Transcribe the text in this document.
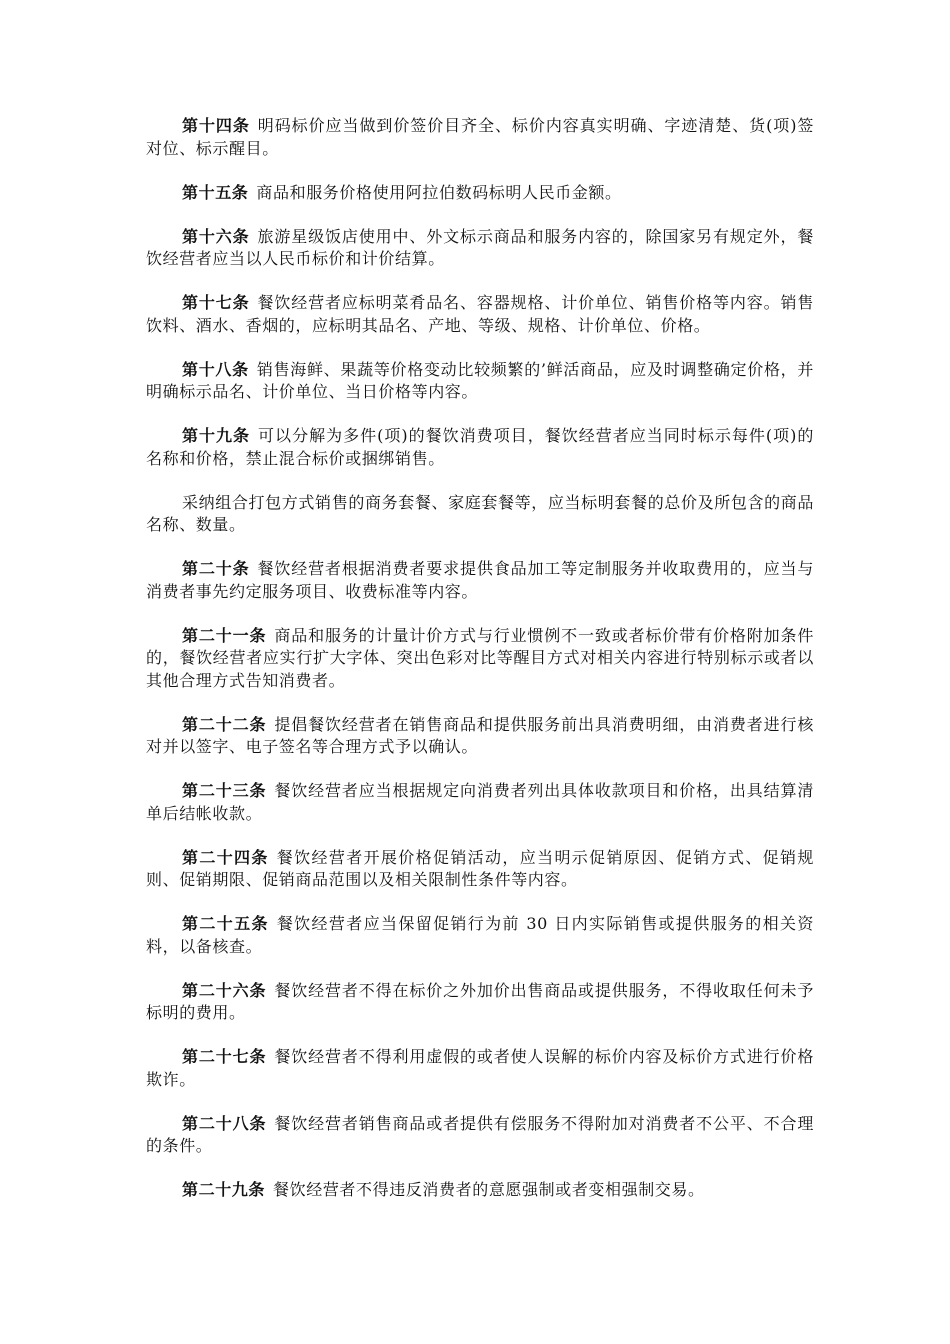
第十四条 明码标价应当做到价签价目齐全、标价内容真实明确、字迹清楚、货(项)签对位、标示醒目。

第十五条 商品和服务价格使用阿拉伯数码标明人民币金额。

第十六条 旅游星级饭店使用中、外文标示商品和服务内容的，除国家另有规定外，餐饮经营者应当以人民币标价和计价结算。

第十七条 餐饮经营者应标明菜肴品名、容器规格、计价单位、销售价格等内容。销售饮料、酒水、香烟的，应标明其品名、产地、等级、规格、计价单位、价格。

第十八条 销售海鲜、果蔬等价格变动比较频繁的’鲜活商品，应及时调整确定价格，并明确标示品名、计价单位、当日价格等内容。

第十九条 可以分解为多件(项)的餐饮消费项目，餐饮经营者应当同时标示每件(项)的名称和价格，禁止混合标价或捆绑销售。

采纳组合打包方式销售的商务套餐、家庭套餐等，应当标明套餐的总价及所包含的商品名称、数量。

第二十条 餐饮经营者根据消费者要求提供食品加工等定制服务并收取费用的，应当与消费者事先约定服务项目、收费标准等内容。

第二十一条 商品和服务的计量计价方式与行业惯例不一致或者标价带有价格附加条件的，餐饮经营者应实行扩大字体、突出色彩对比等醒目方式对相关内容进行特别标示或者以其他合理方式告知消费者。

第二十二条 提倡餐饮经营者在销售商品和提供服务前出具消费明细，由消费者进行核对并以签字、电子签名等合理方式予以确认。

第二十三条 餐饮经营者应当根据规定向消费者列出具体收款项目和价格，出具结算清单后结帐收款。

第二十四条 餐饮经营者开展价格促销活动，应当明示促销原因、促销方式、促销规则、促销期限、促销商品范围以及相关限制性条件等内容。

第二十五条 餐饮经营者应当保留促销行为前 30 日内实际销售或提供服务的相关资料，以备核查。

第二十六条 餐饮经营者不得在标价之外加价出售商品或提供服务，不得收取任何未予标明的费用。

第二十七条 餐饮经营者不得利用虚假的或者使人误解的标价内容及标价方式进行价格欺诈。

第二十八条 餐饮经营者销售商品或者提供有偿服务不得附加对消费者不公平、不合理的条件。

第二十九条 餐饮经营者不得违反消费者的意愿强制或者变相强制交易。
